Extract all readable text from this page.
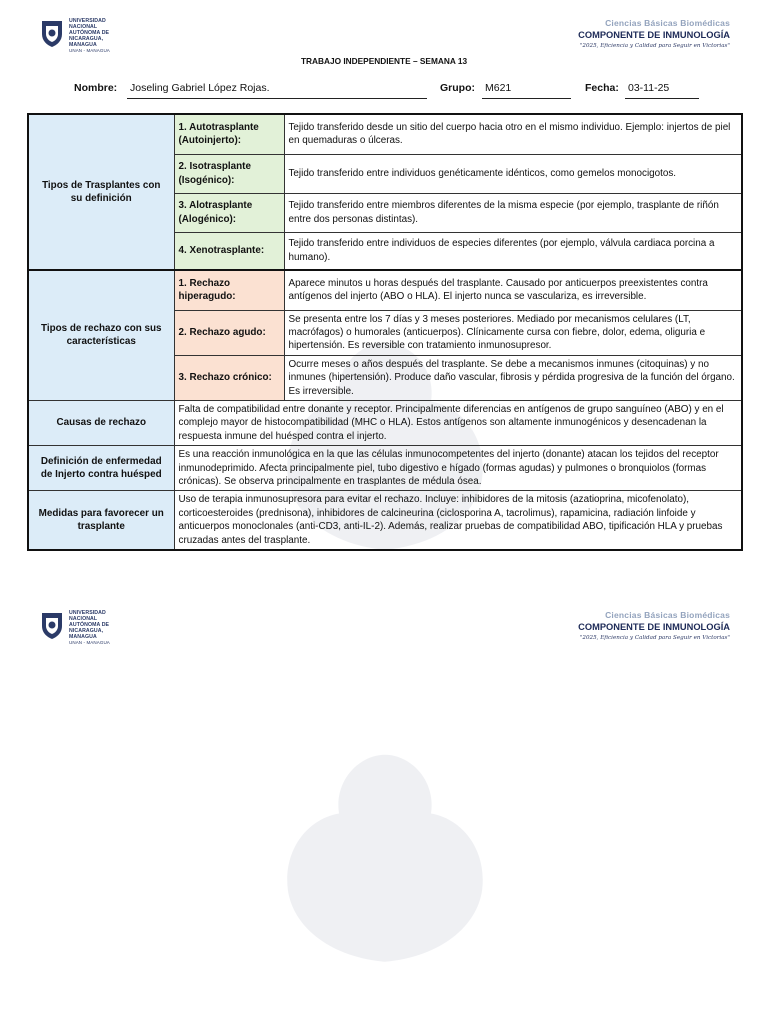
UNIVERSIDAD
NACIONAL
AUTÓNOMA DE
NICARAGUA,
MANAGUA
UNAN - MANAGUA
Ciencias Básicas Biomédicas
COMPONENTE DE INMUNOLOGÍA
"2025, Eficiencia y Calidad para Seguir en Victorias"
TRABAJO INDEPENDIENTE – SEMANA 13
Nombre: Joseling Gabriel López Rojas.	Grupo: M621	Fecha: 03-11-25
Tipos de Trasplantes con su definición	1. Autotrasplante (Autoinjerto):	Tejido transferido desde un sitio del cuerpo hacia otro en el mismo individuo. Ejemplo: injertos de piel en quemaduras o úlceras.
	2. Isotrasplante (Isogénico):	Tejido transferido entre individuos genéticamente idénticos, como gemelos monocigotos.
	3. Alotrasplante (Alogénico):	Tejido transferido entre miembros diferentes de la misma especie (por ejemplo, trasplante de riñón entre dos personas distintas).
	4. Xenotrasplante:	Tejido transferido entre individuos de especies diferentes (por ejemplo, válvula cardiaca porcina a humano).
Tipos de rechazo con sus características	1. Rechazo hiperagudo:	Aparece minutos u horas después del trasplante. Causado por anticuerpos preexistentes contra antígenos del injerto (ABO o HLA). El injerto nunca se vasculariza, es irreversible.
	2. Rechazo agudo:	Se presenta entre los 7 días y 3 meses posteriores. Mediado por mecanismos celulares (LT, macrófagos) o humorales (anticuerpos). Clínicamente cursa con fiebre, dolor, edema, oliguria e hipertensión. Es reversible con tratamiento inmunosupresor.
	3. Rechazo crónico:	Ocurre meses o años después del trasplante. Se debe a mecanismos inmunes (citoquinas) y no inmunes (hipertensión). Produce daño vascular, fibrosis y pérdida progresiva de la función del órgano. Es irreversible.
Causas de rechazo	Falta de compatibilidad entre donante y receptor. Principalmente diferencias en antígenos de grupo sanguíneo (ABO) y en el complejo mayor de histocompatibilidad (MHC o HLA). Estos antígenos son altamente inmunogénicos y desencadenan la respuesta inmune del huésped contra el injerto.	
Definición de enfermedad de Injerto contra huésped	Es una reacción inmunológica en la que las células inmunocompetentes del injerto (donante) atacan los tejidos del receptor inmunodeprimido. Afecta principalmente piel, tubo digestivo e hígado (formas agudas) y pulmones o bronquiolos (formas crónicas). Se observa principalmente en trasplantes de médula ósea.	
Medidas para favorecer un trasplante	Uso de terapia inmunosupresora para evitar el rechazo. Incluye: inhibidores de la mitosis (azatioprina, micofenolato), corticoesteroides (prednisona), inhibidores de calcineurina (ciclosporina A, tacrolimus), rapamicina, radiación linfoide y anticuerpos monoclonales (anti-CD3, anti-IL-2). Además, realizar pruebas de compatibilidad ABO, tipificación HLA y pruebas cruzadas antes del trasplante.	
UNIVERSIDAD
NACIONAL
AUTÓNOMA DE
NICARAGUA,
MANAGUA
UNAN - MANAGUA
Ciencias Básicas Biomédicas
COMPONENTE DE INMUNOLOGÍA
"2025, Eficiencia y Calidad para Seguir en Victorias"
